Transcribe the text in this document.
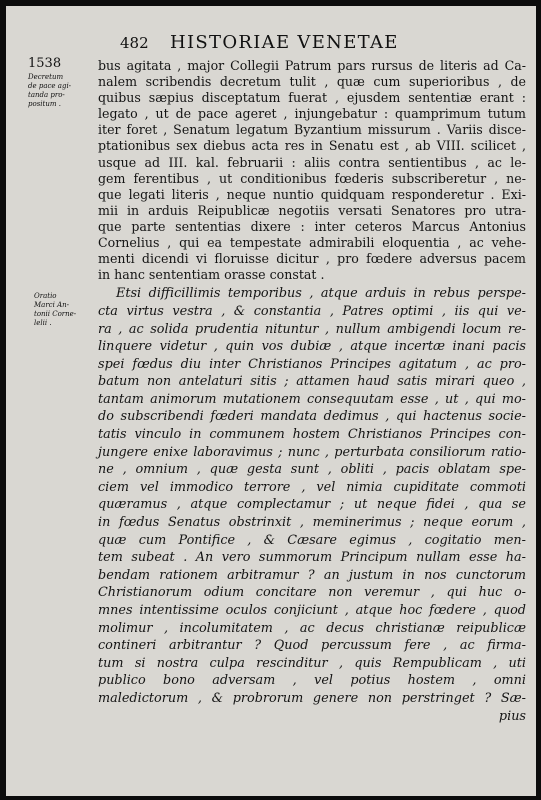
482 HISTORIAE VENETAE
1538
Decretum
de pace agi-
tanda pro-
positum .
Oratio
Marci An-
tonii Corne-
lelii .
bus agitata , major Collegii Patrum pars rursus de literis ad Ca-
nalem scribendis decretum tulit , quæ cum superioribus , de
quibus sæpius disceptatum fuerat , ejusdem sententiæ erant :
legato , ut de pace ageret , injungebatur : quamprimum tutum
iter foret , Senatum legatum Byzantium missurum . Variis disce-
ptationibus sex diebus acta res in Senatu est , ab VIII. scilicet ,
usque ad III. kal. februarii : aliis contra sentientibus , ac le-
gem ferentibus , ut conditionibus fœderis subscriberetur , ne-
que legati literis , neque nuntio quidquam responderetur . Exi-
mii in arduis Reipublicæ negotiis versati Senatores pro utra-
que parte sententias dixere : inter ceteros Marcus Antonius
Cornelius , qui ea tempestate admirabili eloquentia , ac vehe-
menti dicendi vi floruisse dicitur , pro fœdere adversus pacem
in hanc sententiam orasse constat .
Etsi difficillimis temporibus , atque arduis in rebus perspe-
cta virtus vestra , & constantia , Patres optimi , iis qui ve-
ra , ac solida prudentia nituntur , nullum ambigendi locum re-
linquere videtur , quin vos dubiæ , atque incertæ inani pacis
spei fœdus diu inter Christianos Principes agitatum , ac pro-
batum non antelaturi sitis ; attamen haud satis mirari queo ,
tantam animorum mutationem consequutam esse , ut , qui mo-
do subscribendi fœderi mandata dedimus , qui hactenus socie-
tatis vinculo in communem hostem Christianos Principes con-
jungere enixe laboravimus ; nunc , perturbata consiliorum ratio-
ne , omnium , quæ gesta sunt , obliti , pacis oblatam spe-
ciem vel immodico terrore , vel nimia cupiditate commoti
quæramus , atque complectamur ; ut neque fidei , qua se
in fœdus Senatus obstrinxit , meminerimus ; neque eorum ,
quæ cum Pontifice , & Cæsare egimus , cogitatio men-
tem subeat . An vero summorum Principum nullam esse ha-
bendam rationem arbitramur ? an justum in nos cunctorum
Christianorum odium concitare non veremur , qui huc o-
mnes intentissime oculos conjiciunt , atque hoc fœdere , quod
molimur , incolumitatem , ac decus christianæ reipublicæ
contineri arbitrantur ? Quod percussum fere , ac firma-
tum si nostra culpa rescinditur , quis Rempublicam , uti
publico bono adversam , vel potius hostem , omni
maledictorum , & probrorum genere non perstringet ? Sæ-
pius
